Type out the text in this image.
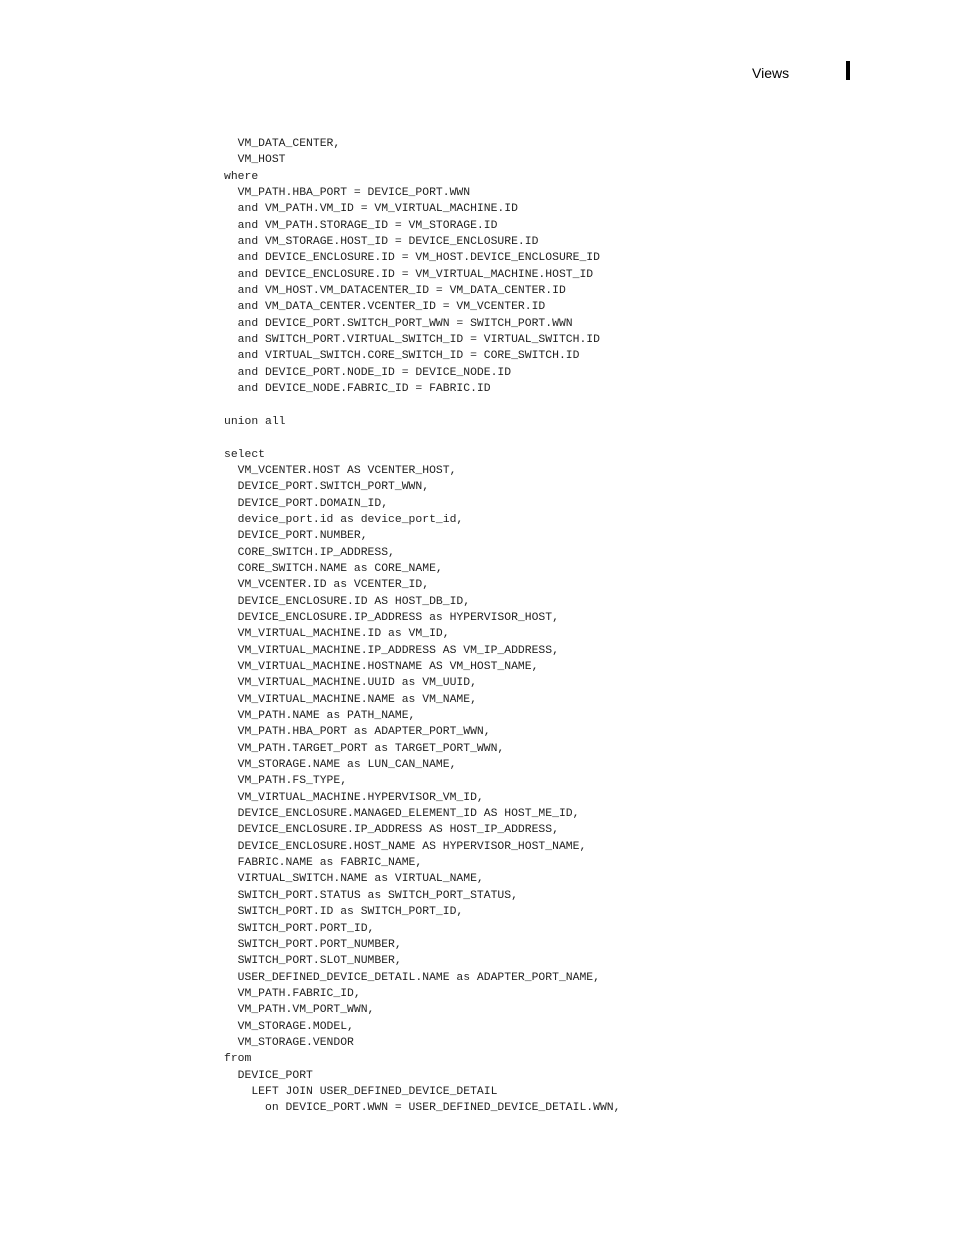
Views
VM_DATA_CENTER,
VM_HOST
where
VM_PATH.HBA_PORT = DEVICE_PORT.WWN
and VM_PATH.VM_ID = VM_VIRTUAL_MACHINE.ID
and VM_PATH.STORAGE_ID = VM_STORAGE.ID
and VM_STORAGE.HOST_ID = DEVICE_ENCLOSURE.ID
and DEVICE_ENCLOSURE.ID = VM_HOST.DEVICE_ENCLOSURE_ID
and DEVICE_ENCLOSURE.ID = VM_VIRTUAL_MACHINE.HOST_ID
and VM_HOST.VM_DATACENTER_ID = VM_DATA_CENTER.ID
and VM_DATA_CENTER.VCENTER_ID = VM_VCENTER.ID
and DEVICE_PORT.SWITCH_PORT_WWN = SWITCH_PORT.WWN
and SWITCH_PORT.VIRTUAL_SWITCH_ID = VIRTUAL_SWITCH.ID
and VIRTUAL_SWITCH.CORE_SWITCH_ID = CORE_SWITCH.ID
and DEVICE_PORT.NODE_ID = DEVICE_NODE.ID
and DEVICE_NODE.FABRIC_ID = FABRIC.ID
union all
select
VM_VCENTER.HOST AS VCENTER_HOST,
DEVICE_PORT.SWITCH_PORT_WWN,
DEVICE_PORT.DOMAIN_ID,
device_port.id as device_port_id,
DEVICE_PORT.NUMBER,
CORE_SWITCH.IP_ADDRESS,
CORE_SWITCH.NAME as CORE_NAME,
VM_VCENTER.ID as VCENTER_ID,
DEVICE_ENCLOSURE.ID AS HOST_DB_ID,
DEVICE_ENCLOSURE.IP_ADDRESS as HYPERVISOR_HOST,
VM_VIRTUAL_MACHINE.ID as VM_ID,
VM_VIRTUAL_MACHINE.IP_ADDRESS AS VM_IP_ADDRESS,
VM_VIRTUAL_MACHINE.HOSTNAME AS VM_HOST_NAME,
VM_VIRTUAL_MACHINE.UUID as VM_UUID,
VM_VIRTUAL_MACHINE.NAME as VM_NAME,
VM_PATH.NAME as PATH_NAME,
VM_PATH.HBA_PORT as ADAPTER_PORT_WWN,
VM_PATH.TARGET_PORT as TARGET_PORT_WWN,
VM_STORAGE.NAME as LUN_CAN_NAME,
VM_PATH.FS_TYPE,
VM_VIRTUAL_MACHINE.HYPERVISOR_VM_ID,
DEVICE_ENCLOSURE.MANAGED_ELEMENT_ID AS HOST_ME_ID,
DEVICE_ENCLOSURE.IP_ADDRESS AS HOST_IP_ADDRESS,
DEVICE_ENCLOSURE.HOST_NAME AS HYPERVISOR_HOST_NAME,
FABRIC.NAME as FABRIC_NAME,
VIRTUAL_SWITCH.NAME as VIRTUAL_NAME,
SWITCH_PORT.STATUS as SWITCH_PORT_STATUS,
SWITCH_PORT.ID as SWITCH_PORT_ID,
SWITCH_PORT.PORT_ID,
SWITCH_PORT.PORT_NUMBER,
SWITCH_PORT.SLOT_NUMBER,
USER_DEFINED_DEVICE_DETAIL.NAME as ADAPTER_PORT_NAME,
VM_PATH.FABRIC_ID,
VM_PATH.VM_PORT_WWN,
VM_STORAGE.MODEL,
VM_STORAGE.VENDOR
from
DEVICE_PORT
LEFT JOIN USER_DEFINED_DEVICE_DETAIL
on DEVICE_PORT.WWN = USER_DEFINED_DEVICE_DETAIL.WWN,
